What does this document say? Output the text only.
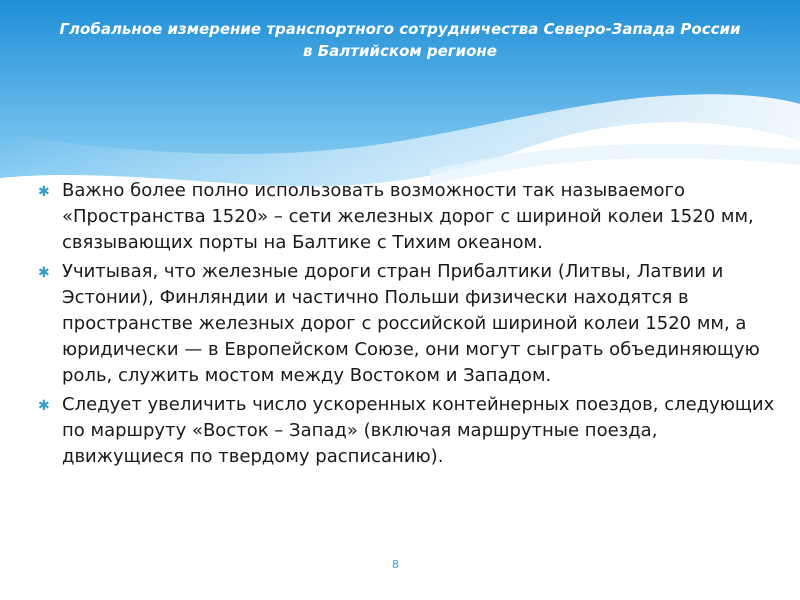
Глобальное измерение транспортного сотрудничества Северо-Запада России
в Балтийском регионе
✱ Важно более полно использовать возможности так называемого «Пространства 1520» – сети железных дорог с шириной колеи 1520 мм, связывающих порты на Балтике с Тихим океаном.
✱ Учитывая, что железные дороги стран Прибалтики (Литвы, Латвии и Эстонии), Финляндии и частично Польши физически находятся в пространстве железных дорог с российской шириной колеи 1520 мм, а юридически — в Европейском Союзе, они могут сыграть объединяющую роль, служить мостом между Востоком и Западом.
✱ Следует увеличить число ускоренных контейнерных поездов, следующих по маршруту «Восток – Запад» (включая маршрутные поезда, движущиеся по твердому расписанию).
8
